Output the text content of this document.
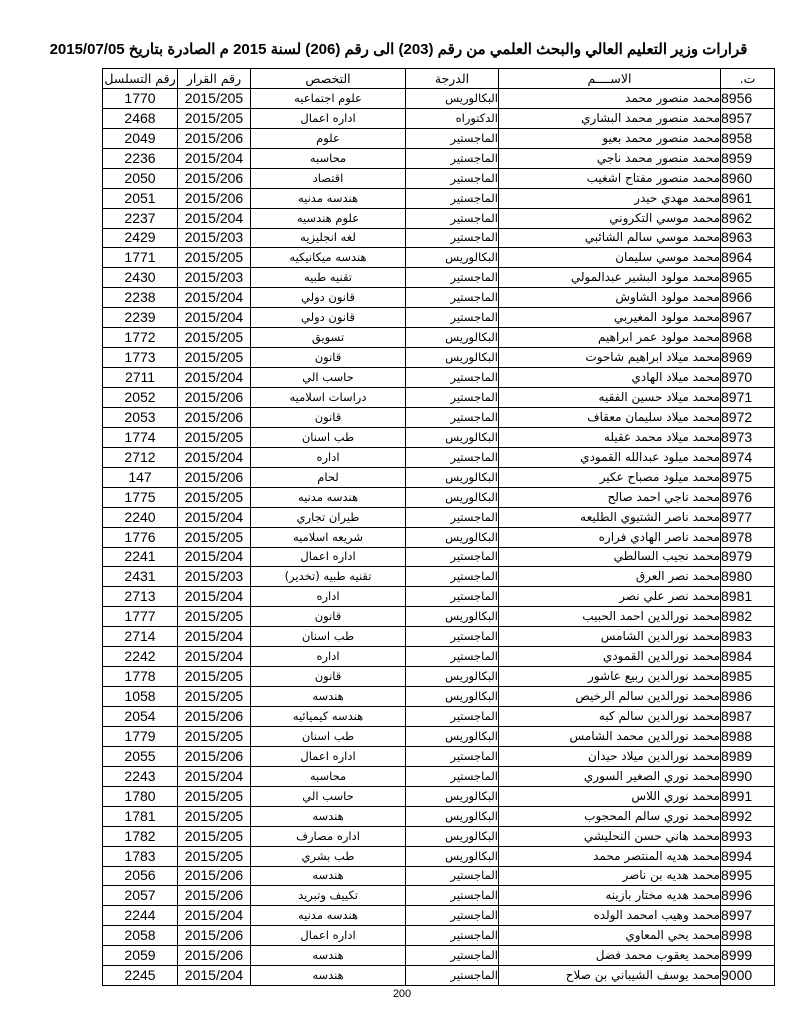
قرارات وزير التعليم العالي والبحث العلمي من رقم (203) الى رقم (206) لسنة 2015 م الصادرة بتاريخ 2015/07/05
ت.	الاســــم	الدرجة	التخصص	رقم القرار	رقم التسلسل
8956	محمد منصور محمد	البكالوريس	علوم اجتماعيه	2015/205	1770
8957	محمد منصور محمد البشاري	الدكتوراه	اداره اعمال	2015/205	2468
8958	محمد منصور محمد بعيو	الماجستير	علوم	2015/206	2049
8959	محمد منصور محمد ناجي	الماجستير	محاسبه	2015/204	2236
8960	محمد منصور مفتاح اشغيب	الماجستير	اقتصاد	2015/206	2050
8961	محمد مهدي حيدر	الماجستير	هندسه مدنيه	2015/206	2051
8962	محمد موسي التكروني	الماجستير	علوم هندسيه	2015/204	2237
8963	محمد موسي سالم الشائبي	الماجستير	لغه انجليزيه	2015/203	2429
8964	محمد موسي سليمان	البكالوريس	هندسه ميكانيكيه	2015/205	1771
8965	محمد مولود البشير عبدالمولي	الماجستير	تقنيه طبيه	2015/203	2430
8966	محمد مولود الشاوش	الماجستير	قانون دولي	2015/204	2238
8967	محمد مولود المغيربي	الماجستير	قانون دولي	2015/204	2239
8968	محمد مولود عمر ابراهيم	البكالوريس	تسويق	2015/205	1772
8969	محمد ميلاد ابراهيم شاحوت	البكالوريس	قانون	2015/205	1773
8970	محمد ميلاد الهادي	الماجستير	حاسب الي	2015/204	2711
8971	محمد ميلاد حسين الفقيه	الماجستير	دراسات اسلاميه	2015/206	2052
8972	محمد ميلاد سليمان معقاف	الماجستير	قانون	2015/206	2053
8973	محمد ميلاد محمد عقيله	البكالوريس	طب اسنان	2015/205	1774
8974	محمد ميلود عبدالله القمودي	الماجستير	اداره	2015/204	2712
8975	محمد ميلود مصباح عكير	البكالوريس	لحام	2015/206	147
8976	محمد ناجي احمد صالح	البكالوريس	هندسه مدنيه	2015/205	1775
8977	محمد ناصر الشتيوي الطليعه	الماجستير	طيران تجاري	2015/204	2240
8978	محمد ناصر الهادي فراره	البكالوريس	شريعه اسلاميه	2015/205	1776
8979	محمد نجيب السالطي	الماجستير	اداره اعمال	2015/204	2241
8980	محمد نصر العرق	الماجستير	تقنيه طبيه (تخدير)	2015/203	2431
8981	محمد نصر علي نصر	الماجستير	اداره	2015/204	2713
8982	محمد نورالدين احمد الحبيب	البكالوريس	قانون	2015/205	1777
8983	محمد نورالدين الشامس	الماجستير	طب اسنان	2015/204	2714
8984	محمد نورالدين القمودي	الماجستير	اداره	2015/204	2242
8985	محمد نورالدين ربيع عاشور	البكالوريس	قانون	2015/205	1778
8986	محمد نورالدين سالم الرخيص	البكالوريس	هندسه	2015/205	1058
8987	محمد نورالدين سالم كبه	الماجستير	هندسه كيميائيه	2015/206	2054
8988	محمد نورالدين محمد الشامس	البكالوريس	طب اسنان	2015/205	1779
8989	محمد نورالدين ميلاد حيدان	الماجستير	اداره اعمال	2015/206	2055
8990	محمد نوري الصغير السوري	الماجستير	محاسبه	2015/204	2243
8991	محمد نوري اللاس	البكالوريس	حاسب الي	2015/205	1780
8992	محمد نوري سالم المحجوب	البكالوريس	هندسه	2015/205	1781
8993	محمد هاني حسن النحليشي	البكالوريس	اداره مصارف	2015/205	1782
8994	محمد هديه المنتصر محمد	البكالوريس	طب بشري	2015/205	1783
8995	محمد هديه بن ناصر	الماجستير	هندسه	2015/206	2056
8996	محمد هديه مختار بازينه	الماجستير	تكييف وتبريد	2015/206	2057
8997	محمد وهيب امحمد الولده	الماجستير	هندسه مدنيه	2015/204	2244
8998	محمد يحي المعاوي	الماجستير	اداره اعمال	2015/206	2058
8999	محمد يعقوب محمد فضل	الماجستير	هندسه	2015/206	2059
9000	محمد يوسف الشيباني بن صلاح	الماجستير	هندسه	2015/204	2245
200
